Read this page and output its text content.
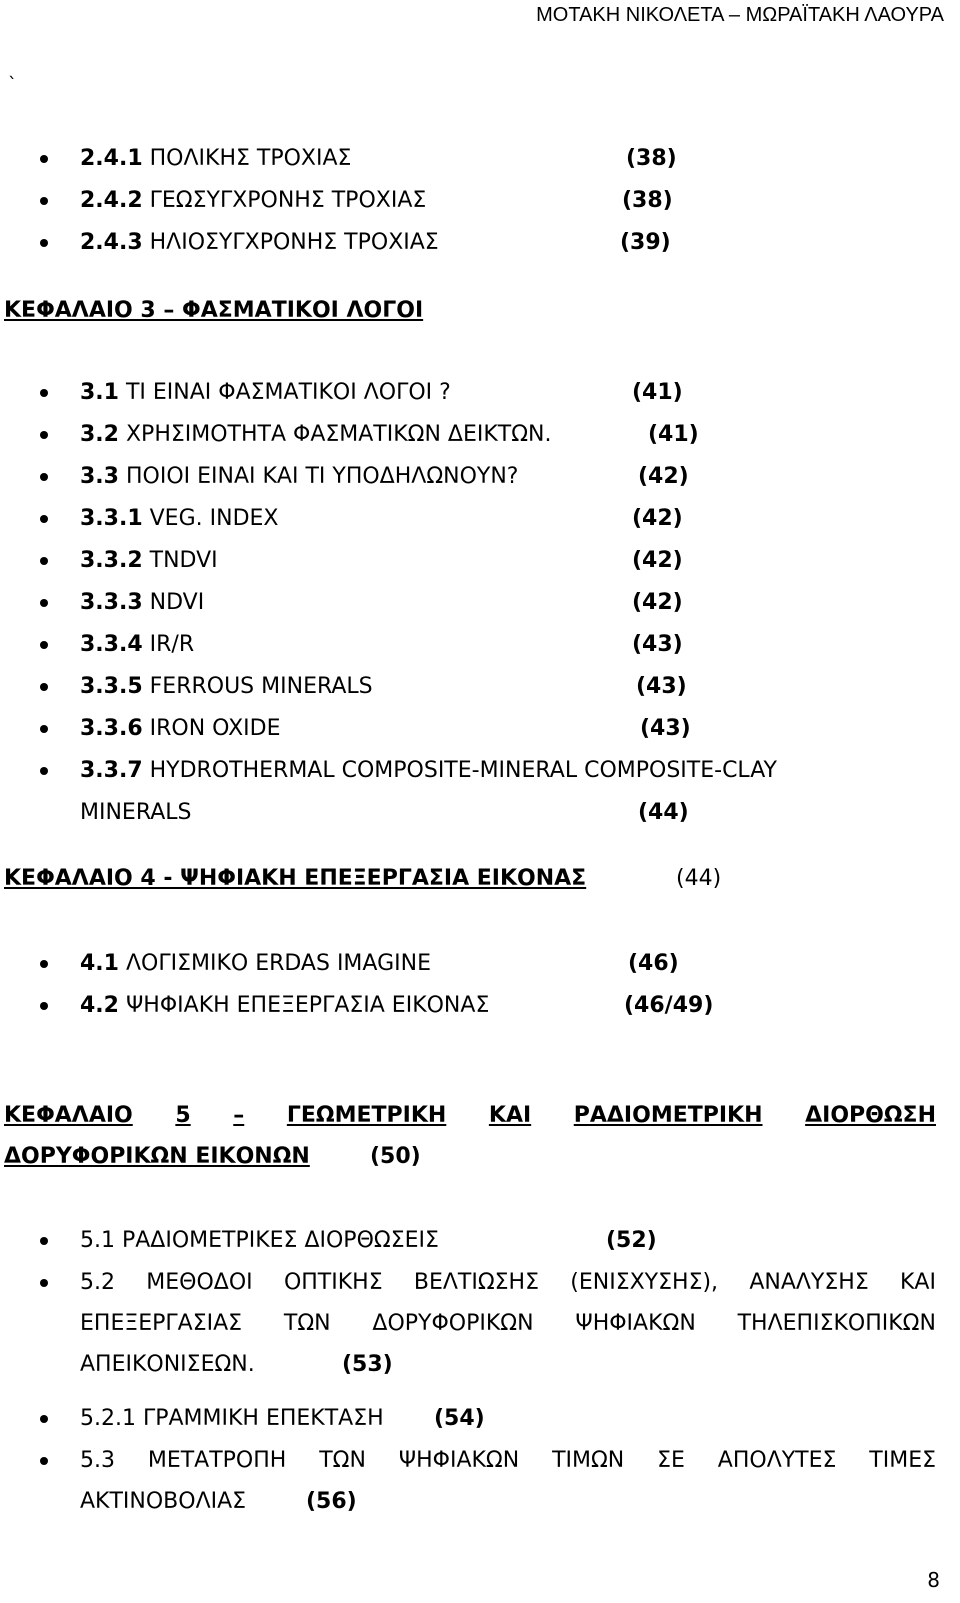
ΜΟΤΑΚΗ ΝΙΚΟΛΕΤΑ – ΜΩΡΑΪΤΑΚΗ ΛΑΟΥΡΑ
`
2.4.1 ΠΟΛΙΚΗΣ ΤΡΟΧΙΑΣ	(38)
2.4.2 ΓΕΩΣΥΓΧΡΟΝΗΣ ΤΡΟΧΙΑΣ	(38)
2.4.3 ΗΛΙΟΣΥΓΧΡΟΝΗΣ ΤΡΟΧΙΑΣ	(39)
ΚΕΦΑΛΑΙΟ 3 – ΦΑΣΜΑΤΙΚΟΙ ΛΟΓΟΙ
3.1 ΤΙ ΕΙΝΑΙ ΦΑΣΜΑΤΙΚΟΙ ΛΟΓΟΙ ?	(41)
3.2 ΧΡΗΣΙΜΟΤΗΤΑ ΦΑΣΜΑΤΙΚΩΝ ΔΕΙΚΤΩΝ.	(41)
3.3 ΠΟΙΟΙ ΕΙΝΑΙ ΚΑΙ ΤΙ ΥΠΟΔΗΛΩΝΟΥΝ?	(42)
3.3.1 VEG. INDEX	(42)
3.3.2 TNDVI	(42)
3.3.3 NDVI	(42)
3.3.4 IR/R	(43)
3.3.5 FERROUS MINERALS	(43)
3.3.6 IRON OXIDE	(43)
3.3.7 HYDROTHERMAL COMPOSITE-MINERAL COMPOSITE-CLAY
MINERALS	(44)
ΚΕΦΑΛΑΙΟ 4 - ΨΗΦΙΑΚΗ ΕΠΕΞΕΡΓΑΣΙΑ ΕΙΚΟΝΑΣ	(44)
4.1 ΛΟΓΙΣΜΙΚΟ ERDAS IMAGINE	(46)
4.2 ΨΗΦΙΑΚΗ ΕΠΕΞΕΡΓΑΣΙΑ ΕΙΚΟΝΑΣ	(46/49)
ΚΕΦΑΛΑΙΟ 5 – ΓΕΩΜΕΤΡΙΚΗ ΚΑΙ ΡΑΔΙΟΜΕΤΡΙΚΗ ΔΙΟΡΘΩΣΗ
ΔΟΡΥΦΟΡΙΚΩΝ ΕΙΚΟΝΩΝ	(50)
5.1 ΡΑΔΙΟΜΕΤΡΙΚΕΣ ΔΙΟΡΘΩΣΕΙΣ	(52)
5.2 ΜΕΘΟΔΟΙ ΟΠΤΙΚΗΣ ΒΕΛΤΙΩΣΗΣ (ΕΝΙΣΧΥΣΗΣ), ΑΝΑΛΥΣΗΣ ΚΑΙ
ΕΠΕΞΕΡΓΑΣΙΑΣ ΤΩΝ ΔΟΡΥΦΟΡΙΚΩΝ ΨΗΦΙΑΚΩΝ ΤΗΛΕΠΙΣΚΟΠΙΚΩΝ
ΑΠΕΙΚΟΝΙΣΕΩΝ.	(53)
5.2.1 ΓΡΑΜΜΙΚΗ ΕΠΕΚΤΑΣΗ (54)
5.3 ΜΕΤΑΤΡΟΠΗ ΤΩΝ ΨΗΦΙΑΚΩΝ ΤΙΜΩΝ ΣΕ ΑΠΟΛΥΤΕΣ ΤΙΜΕΣ
ΑΚΤΙΝΟΒΟΛΙΑΣ	(56)
8
